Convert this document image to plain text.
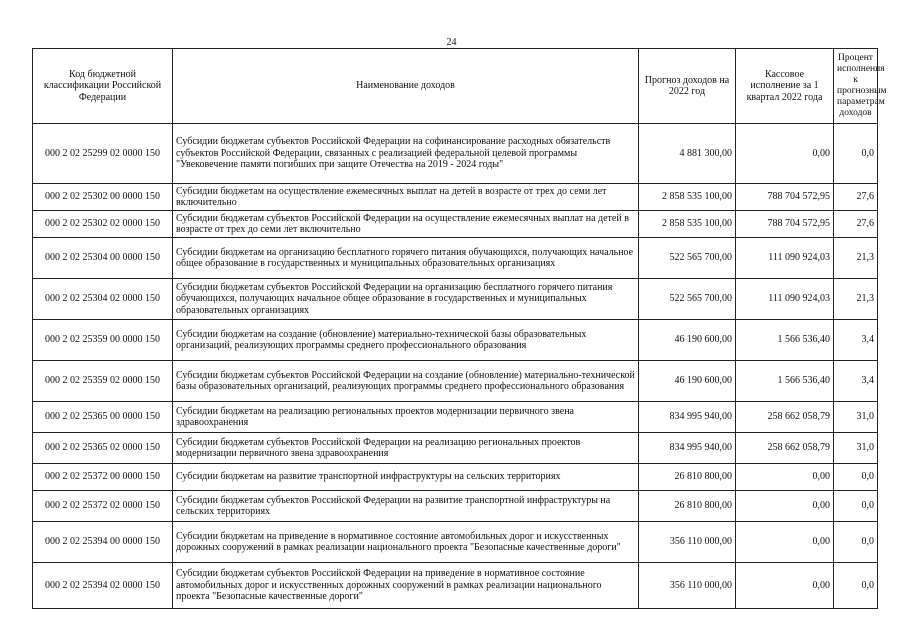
24
Код бюджетной классификации Российской Федерации	Наименование доходов	Прогноз доходов на 2022 год	Кассовое исполнение за 1 квартал 2022 года	Процент исполнения к прогнозным параметрам доходов
000 2 02 25299 02 0000 150	Субсидии бюджетам субъектов Российской Федерации на софинансирование расходных обязательств субъектов Российской Федерации, связанных с реализацией федеральной целевой программы "Увековечение памяти погибших при защите Отечества на 2019 - 2024 годы"	4 881 300,00	0,00	0,0
000 2 02 25302 00 0000 150	Субсидии бюджетам на осуществление ежемесячных выплат на детей в возрасте от трех до семи лет включительно	2 858 535 100,00	788 704 572,95	27,6
000 2 02 25302 02 0000 150	Субсидии бюджетам субъектов Российской Федерации на осуществление ежемесячных выплат на детей в возрасте от трех до семи лет включительно	2 858 535 100,00	788 704 572,95	27,6
000 2 02 25304 00 0000 150	Субсидии бюджетам на организацию бесплатного горячего питания обучающихся, получающих начальное общее образование в государственных и муниципальных образовательных организациях	522 565 700,00	111 090 924,03	21,3
000 2 02 25304 02 0000 150	Субсидии бюджетам субъектов Российской Федерации на организацию бесплатного горячего питания обучающихся, получающих начальное общее образование в государственных и муниципальных образовательных организациях	522 565 700,00	111 090 924,03	21,3
000 2 02 25359 00 0000 150	Субсидии бюджетам на создание (обновление) материально-технической базы образовательных организаций, реализующих программы среднего профессионального образования	46 190 600,00	1 566 536,40	3,4
000 2 02 25359 02 0000 150	Субсидии бюджетам субъектов Российской Федерации на создание (обновление) материально-технической базы образовательных организаций, реализующих программы среднего профессионального образования	46 190 600,00	1 566 536,40	3,4
000 2 02 25365 00 0000 150	Субсидии бюджетам на реализацию региональных проектов модернизации первичного звена здравоохранения	834 995 940,00	258 662 058,79	31,0
000 2 02 25365 02 0000 150	Субсидии бюджетам субъектов Российской Федерации на реализацию региональных проектов модернизации первичного звена здравоохранения	834 995 940,00	258 662 058,79	31,0
000 2 02 25372 00 0000 150	Субсидии бюджетам на развитие транспортной инфраструктуры на сельских территориях	26 810 800,00	0,00	0,0
000 2 02 25372 02 0000 150	Субсидии бюджетам субъектов Российской Федерации на развитие транспортной инфраструктуры на сельских территориях	26 810 800,00	0,00	0,0
000 2 02 25394 00 0000 150	Субсидии бюджетам на приведение в нормативное состояние автомобильных дорог и искусственных дорожных сооружений в рамках реализации национального проекта "Безопасные качественные дороги"	356 110 000,00	0,00	0,0
000 2 02 25394 02 0000 150	Субсидии бюджетам субъектов Российской Федерации на приведение в нормативное состояние автомобильных дорог и искусственных дорожных сооружений в рамках реализации национального проекта "Безопасные качественные дороги"	356 110 000,00	0,00	0,0
